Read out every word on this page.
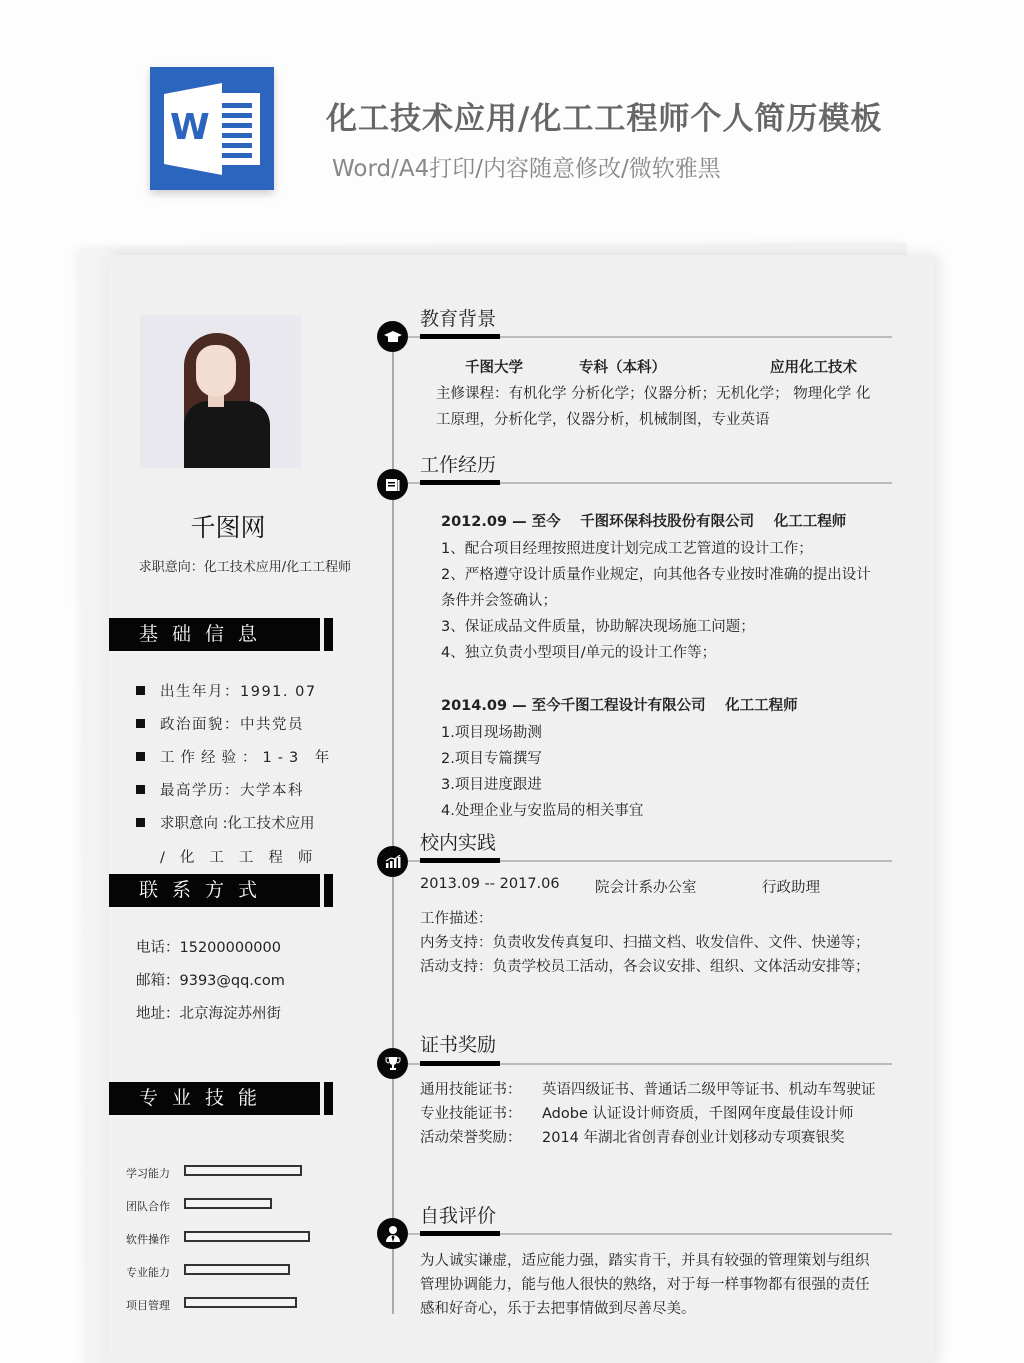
W	化工技术应用/化工工程师个人简历模板
Word/A4打印/内容随意修改/微软雅黑
千图网
求职意向：化工技术应用/化工工程师
基础信息
出生年月：1991. 07
政治面貌：中共党员
工作经验：1-3 年
最高学历：大学本科
求职意向 :化工技术应用
/化工工程师
联系方式
电话：15200000000
邮箱：9393@qq.com
地址：北京海淀苏州街
专业技能
学习能力
团队合作
软件操作
专业能力
项目管理
教育背景
千图大学	专科（本科）	应用化工技术
主修课程：有机化学 分析化学；仪器分析；无机化学； 物理化学 化
工原理，分析化学，仪器分析，机械制图，专业英语
工作经历
2012.09 — 至今　 千图环保科技股份有限公司　 化工工程师
1、配合项目经理按照进度计划完成工艺管道的设计工作；
2、严格遵守设计质量作业规定，向其他各专业按时准确的提出设计
条件并会签确认；
3、保证成品文件质量，协助解决现场施工问题；
4、独立负责小型项目/单元的设计工作等；
2014.09 — 至今千图工程设计有限公司　 化工工程师
1.项目现场勘测
2.项目专篇撰写
3.项目进度跟进
4.处理企业与安监局的相关事宜
校内实践
2013.09 -- 2017.06 院会计系办公室	行政助理
工作描述：
内务支持：负责收发传真复印、扫描文档、收发信件、文件、快递等；
活动支持：负责学校员工活动，各会议安排、组织、文体活动安排等；
证书奖励
通用技能证书： 英语四级证书、普通话二级甲等证书、机动车驾驶证
专业技能证书： Adobe 认证设计师资质，千图网年度最佳设计师
活动荣誉奖励： 2014 年湖北省创青春创业计划移动专项赛银奖
自我评价
为人诚实谦虚，适应能力强，踏实肯干，并具有较强的管理策划与组织
管理协调能力，能与他人很快的熟络，对于每一样事物都有很强的责任
感和好奇心，乐于去把事情做到尽善尽美。
